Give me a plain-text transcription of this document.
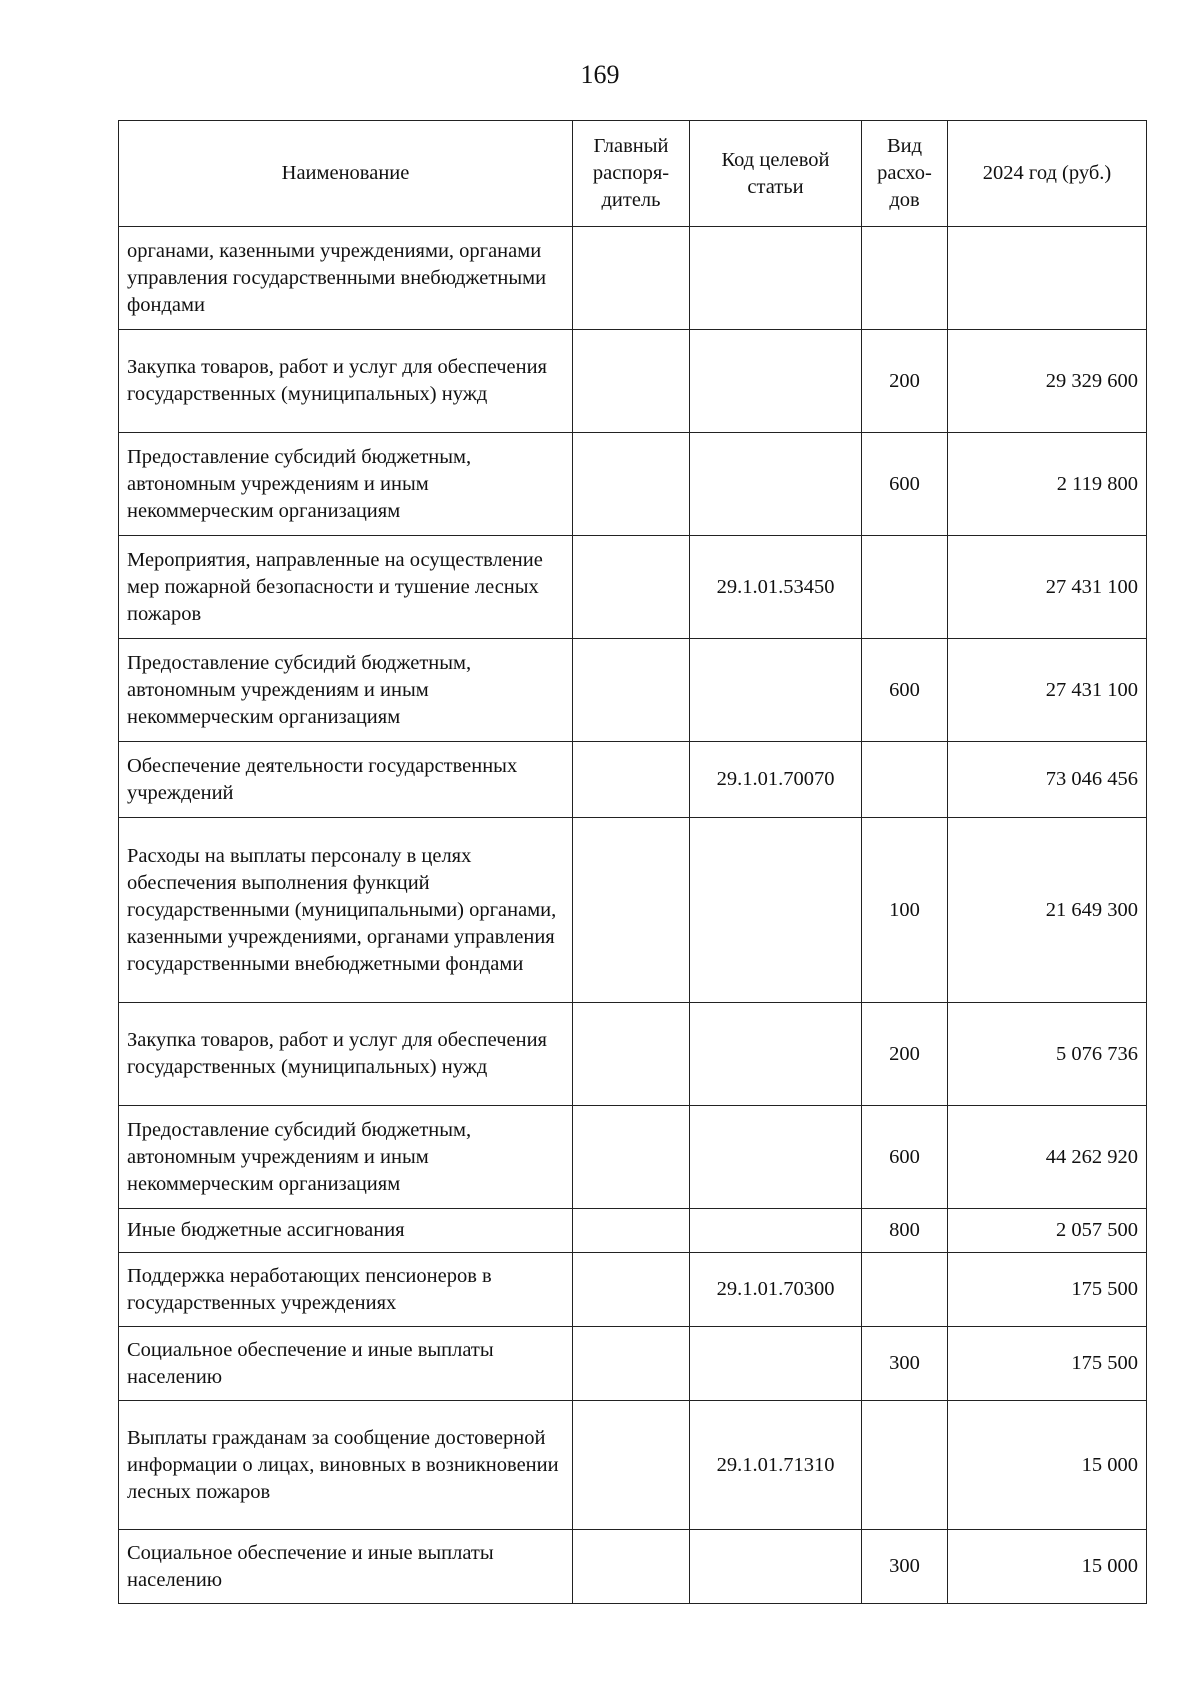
169
Наименование	Главный распоря-дитель	Код целевой статьи	Вид расхо-дов	2024 год (руб.)
органами, казенными учреждениями, органами управления государственными внебюджетными фондами				
Закупка товаров, работ и услуг для обеспечения государственных (муниципальных) нужд			200	29 329 600
Предоставление субсидий бюджетным, автономным учреждениям и иным некоммерческим организациям			600	2 119 800
Мероприятия, направленные на осуществление мер пожарной безопасности и тушение лесных пожаров		29.1.01.53450		27 431 100
Предоставление субсидий бюджетным, автономным учреждениям и иным некоммерческим организациям			600	27 431 100
Обеспечение деятельности государственных учреждений		29.1.01.70070		73 046 456
Расходы на выплаты персоналу в целях обеспечения выполнения функций государственными (муниципальными) органами, казенными учреждениями, органами управления государственными внебюджетными фондами			100	21 649 300
Закупка товаров, работ и услуг для обеспечения государственных (муниципальных) нужд			200	5 076 736
Предоставление субсидий бюджетным, автономным учреждениям и иным некоммерческим организациям			600	44 262 920
Иные бюджетные ассигнования			800	2 057 500
Поддержка неработающих пенсионеров в государственных учреждениях		29.1.01.70300		175 500
Социальное обеспечение и иные выплаты населению			300	175 500
Выплаты гражданам за сообщение достоверной информации о лицах, виновных в возникновении лесных пожаров		29.1.01.71310		15 000
Социальное обеспечение и иные выплаты населению			300	15 000
